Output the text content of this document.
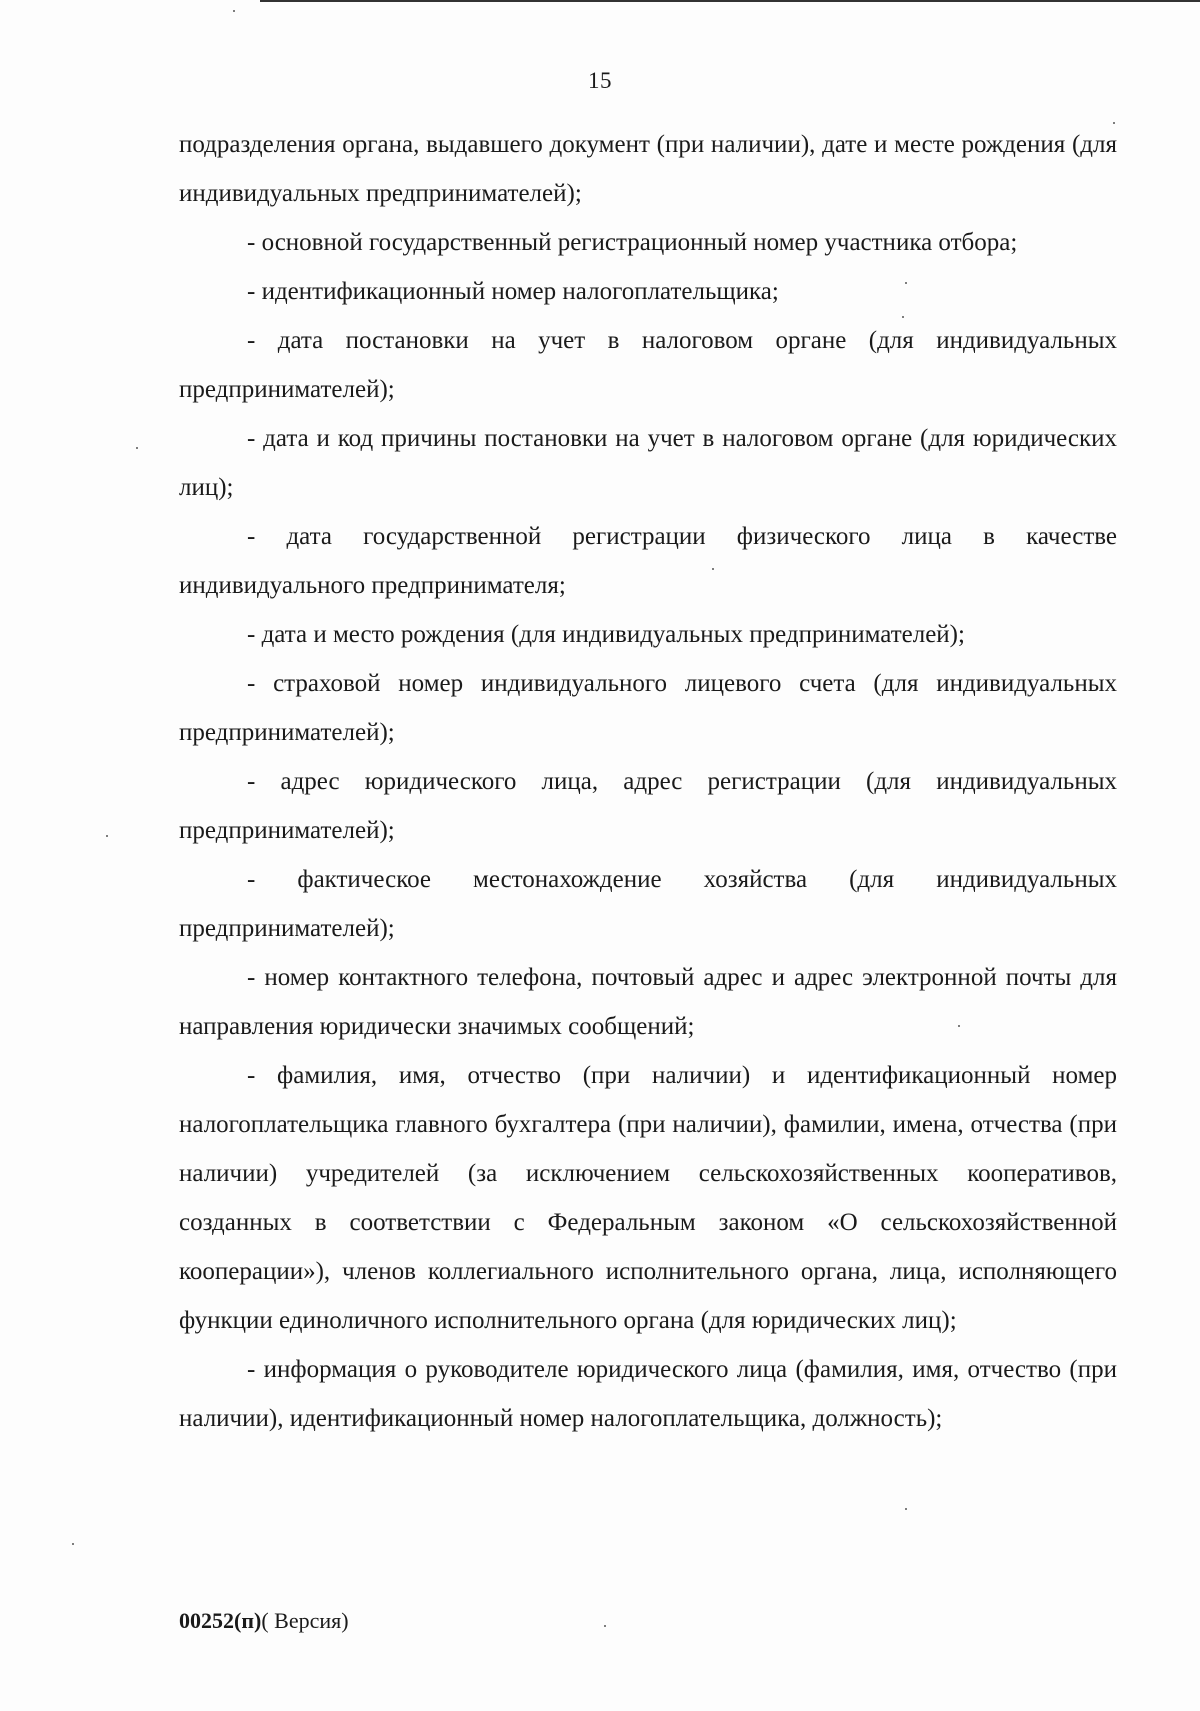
15

подразделения органа, выдавшего документ (при наличии), дате и месте рождения (для индивидуальных предпринимателей);

- основной государственный регистрационный номер участника отбора;

- идентификационный номер налогоплательщика;

- дата постановки на учет в налоговом органе (для индивидуальных предпринимателей);

- дата и код причины постановки на учет в налоговом органе (для юридических лиц);

- дата государственной регистрации физического лица в качестве индивидуального предпринимателя;

- дата и место рождения (для индивидуальных предпринимателей);

- страховой номер индивидуального лицевого счета (для индивидуальных предпринимателей);

- адрес юридического лица, адрес регистрации (для индивидуальных предпринимателей);

- фактическое местонахождение хозяйства (для индивидуальных предпринимателей);

- номер контактного телефона, почтовый адрес и адрес электронной почты для направления юридически значимых сообщений;

- фамилия, имя, отчество (при наличии) и идентификационный номер налогоплательщика главного бухгалтера (при наличии), фамилии, имена, отчества (при наличии) учредителей (за исключением сельскохозяйственных кооперативов, созданных в соответствии с Федеральным законом «О сельскохозяйственной кооперации»), членов коллегиального исполнительного органа, лица, исполняющего функции единоличного исполнительного органа (для юридических лиц);

- информация о руководителе юридического лица (фамилия, имя, отчество (при наличии), идентификационный номер налогоплательщика, должность);

00252(п)( Версия)
